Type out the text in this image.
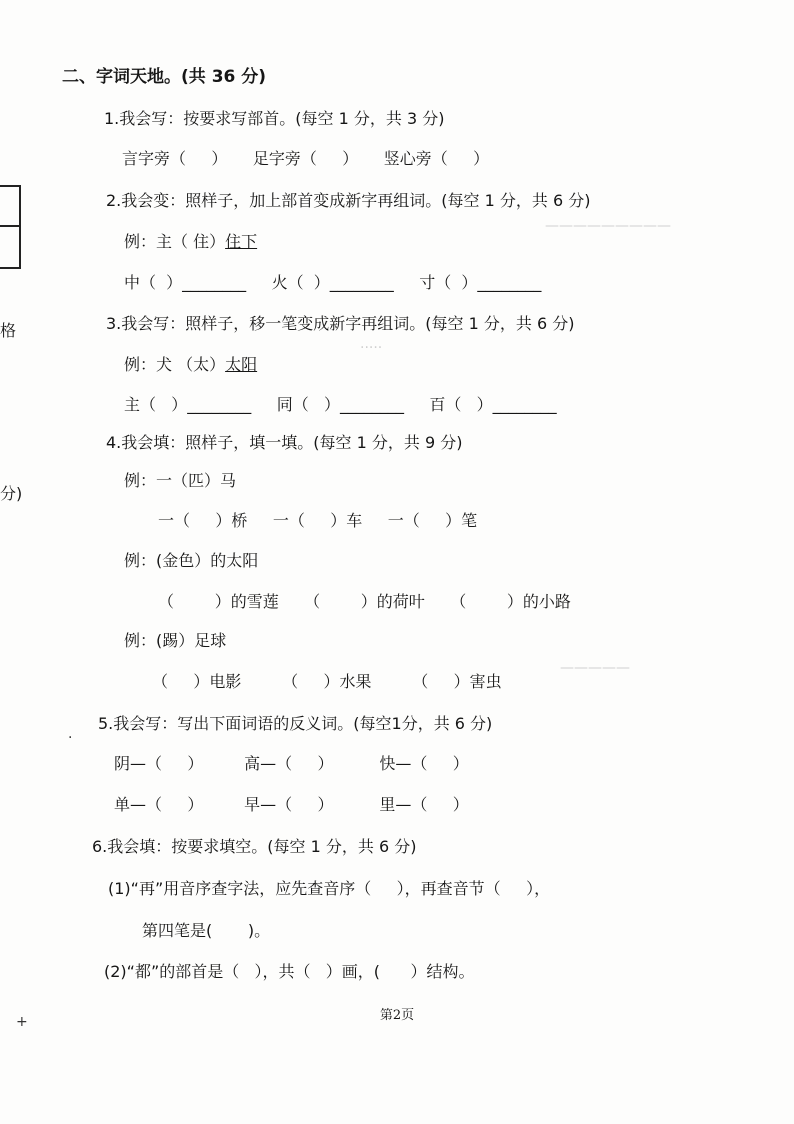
格
分)
—————————
·····
—————
二、字词天地。(共 36 分)
1.我会写：按要求写部首。(每空 1 分，共 3 分)
言字旁（     ）     足字旁（     ）     竖心旁（     ）
2.我会变：照样子，加上部首变成新字再组词。(每空 1 分，共 6 分)
例：主（ 住）住下
中（  ）________     火（  ）________     寸（  ）________
3.我会写：照样子，移一笔变成新字再组词。(每空 1 分，共 6 分)
例：犬 （太）太阳
主（   ）________     同（   ）________     百（   ）________
4.我会填：照样子，填一填。(每空 1 分，共 9 分)
例：一（匹）马
一（     ）桥     一（     ）车     一（     ）笔
例：(金色）的太阳
（        ）的雪莲     （        ）的荷叶     （        ）的小路
例：(踢）足球
（     ）电影        （     ）水果        （     ）害虫
5.我会写：写出下面词语的反义词。(每空1分，共 6 分)
阴—（     ）        高—（     ）         快—（     ）
单—（     ）        早—（     ）         里—（     ）
6.我会填：按要求填空。(每空 1 分，共 6 分)
(1)“再”用音序查字法，应先查音序（     ），再查音节（     ），
第四笔是(       )。
(2)“都”的部首是（   ），共（   ）画，(      ）结构。
·
+	第2页
